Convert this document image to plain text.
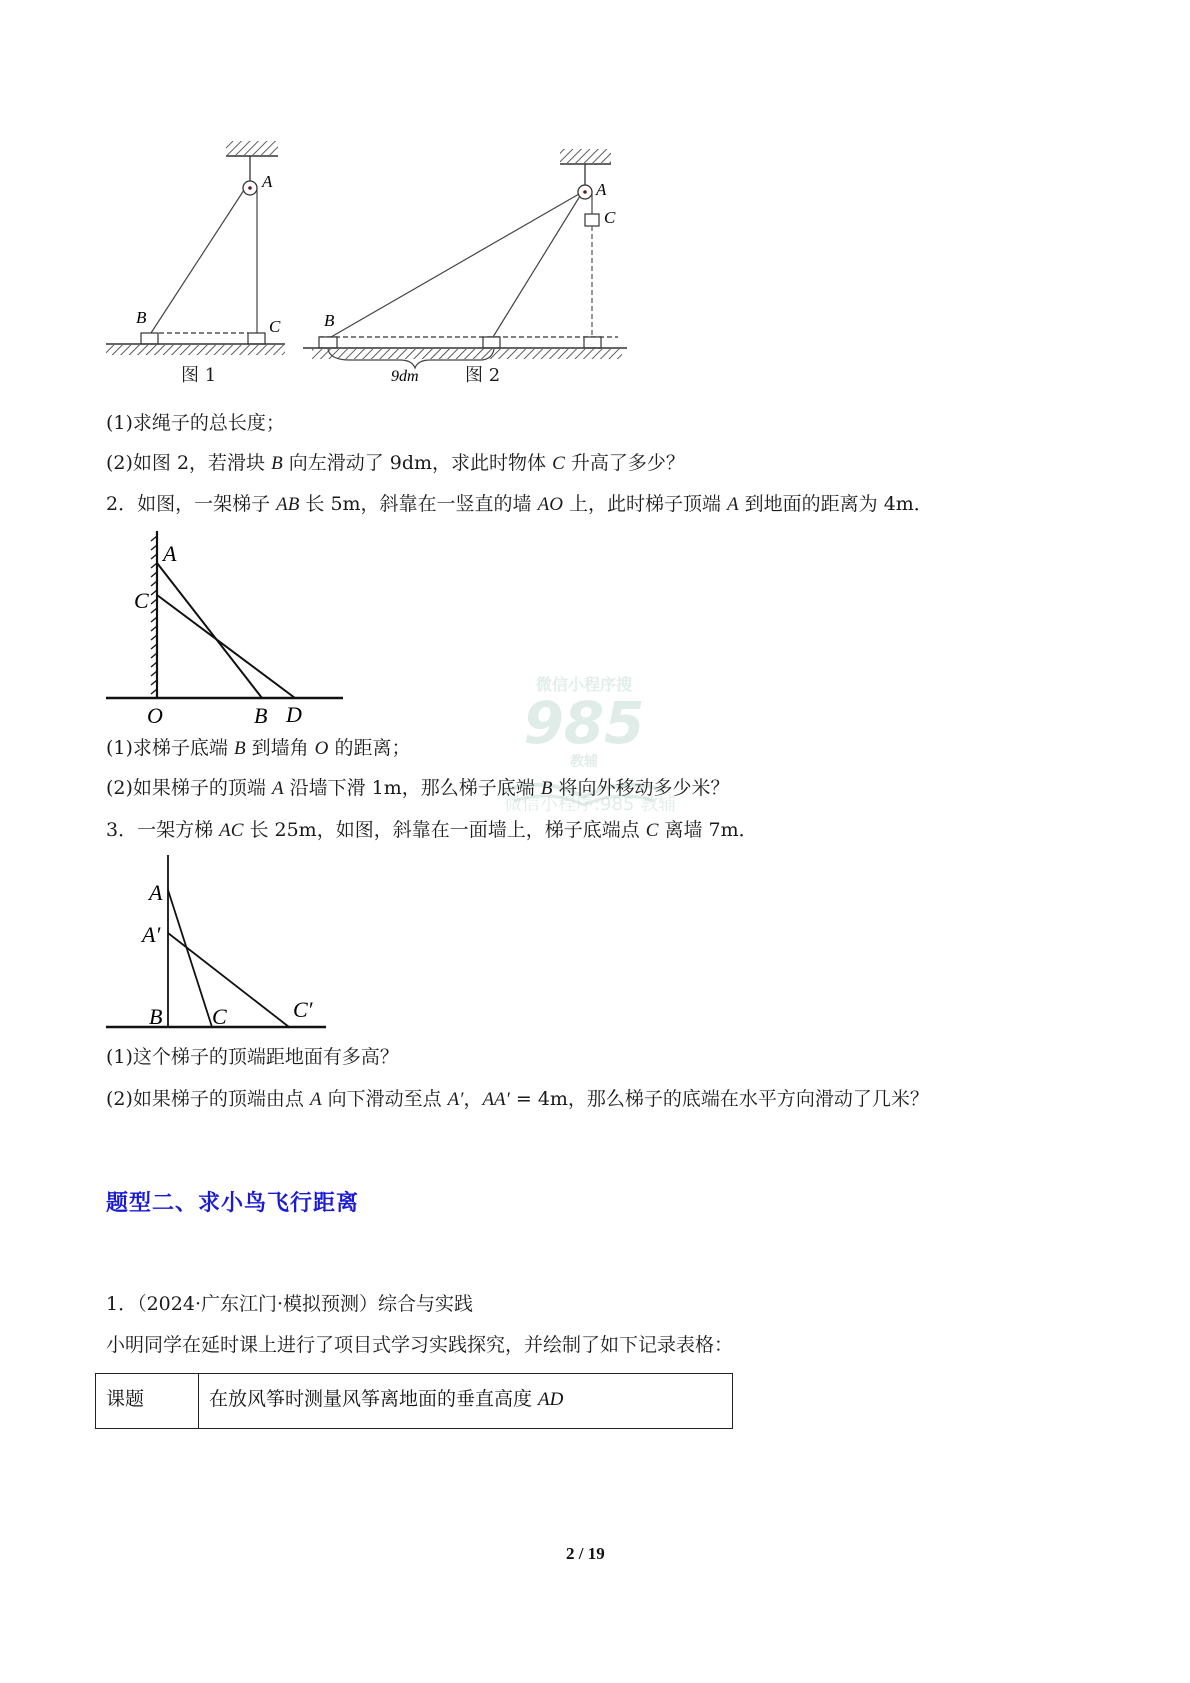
微信小程序搜
985
教辅
微信小程序:985 教辅
A
B	C
A
C
B
9dm
图 1	图 2
(1)求绳子的总长度；
(2)如图 2，若滑块 B 向左滑动了 9dm，求此时物体 C 升高了多少？
2．如图，一架梯子 AB 长 5m，斜靠在一竖直的墙 AO 上，此时梯子顶端 A 到地面的距离为 4m．
A
C
O	B D
(1)求梯子底端 B 到墙角 O 的距离；
(2)如果梯子的顶端 A 沿墙下滑 1m，那么梯子底端 B 将向外移动多少米？
3．一架方梯 AC 长 25m，如图，斜靠在一面墙上，梯子底端点 C 离墙 7m．
A
A′
B C	C′
(1)这个梯子的顶端距地面有多高？
(2)如果梯子的顶端由点 A 向下滑动至点 A′，AA′ = 4m，那么梯子的底端在水平方向滑动了几米？
题型二、求小鸟飞行距离
1．（2024·广东江门·模拟预测）综合与实践
小明同学在延时课上进行了项目式学习实践探究，并绘制了如下记录表格：
课题	在放风筝时测量风筝离地面的垂直高度 AD
2 / 19
